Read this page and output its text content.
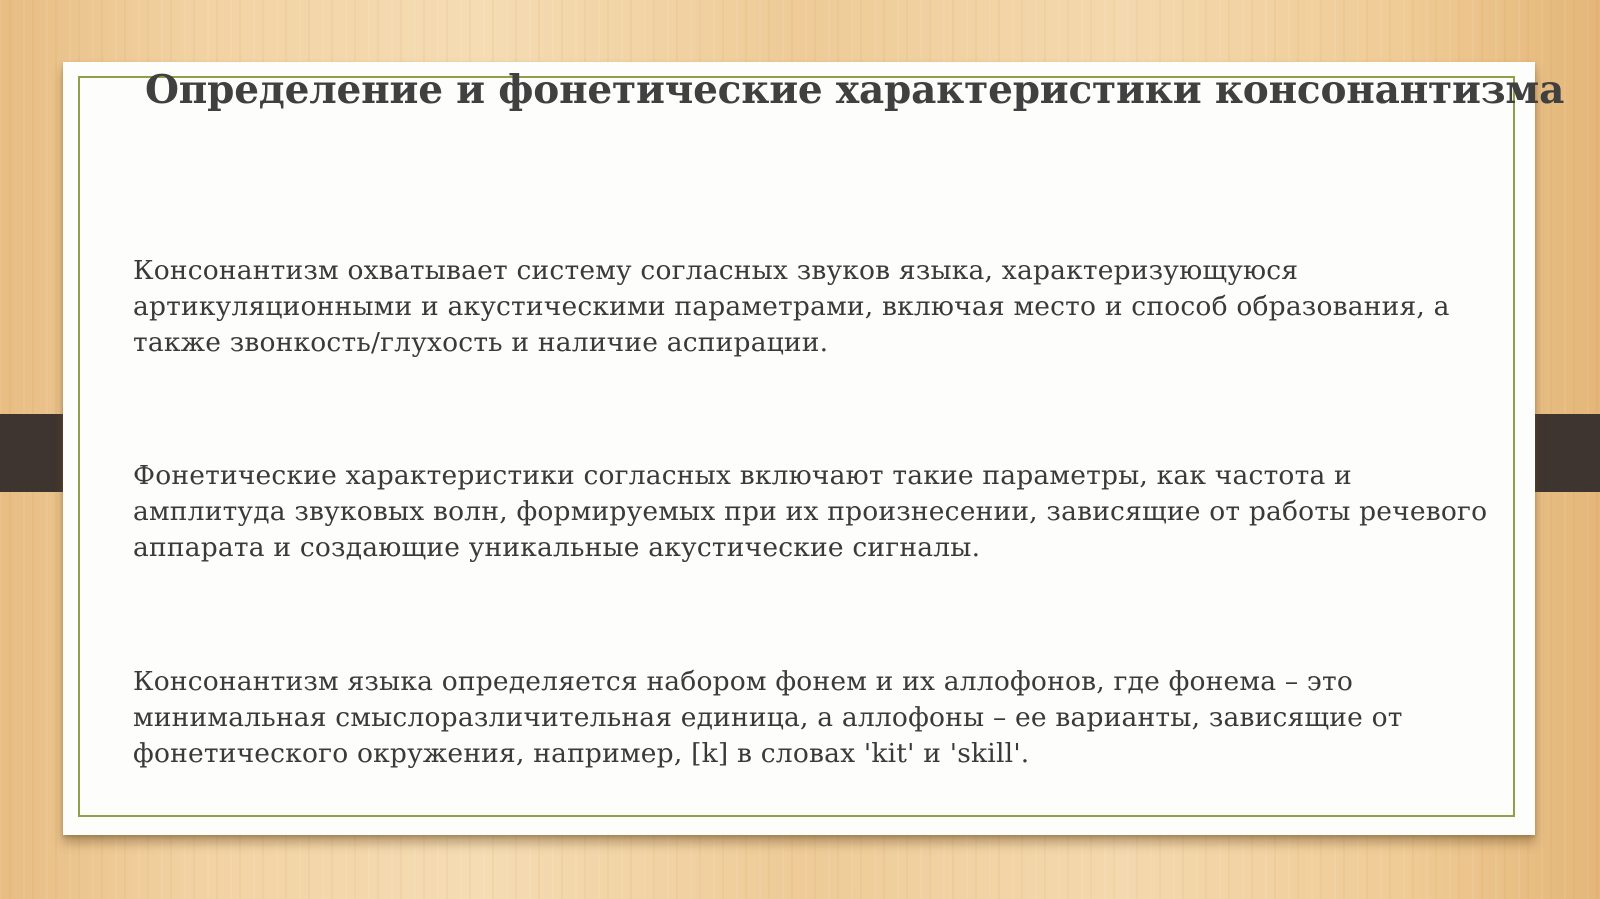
Определение и фонетические характеристики консонантизма

Консонантизм охватывает систему согласных звуков языка, характеризующуюся артикуляционными и акустическими параметрами, включая место и способ образования, а также звонкость/глухость и наличие аспирации.

Фонетические характеристики согласных включают такие параметры, как частота и амплитуда звуковых волн, формируемых при их произнесении, зависящие от работы речевого аппарата и создающие уникальные акустические сигналы.

Консонантизм языка определяется набором фонем и их аллофонов, где фонема – это минимальная смыслоразличительная единица, а аллофоны – ее варианты, зависящие от фонетического окружения, например, [k] в словах 'kit' и 'skill'.
